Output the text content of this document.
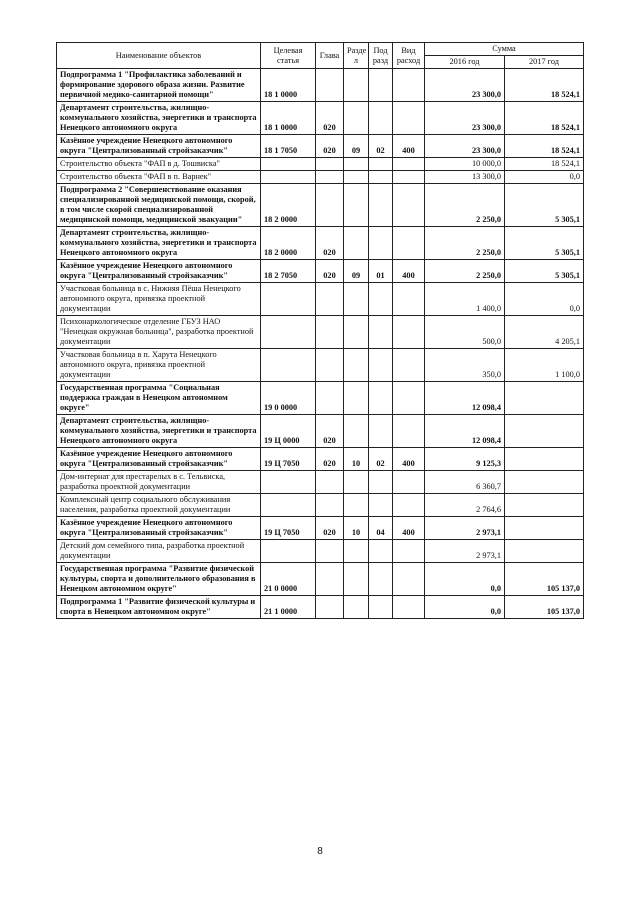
Наименование объектов	Целевая статья	Глава	Разде л	Под разд	Вид расход	Сумма	
						2016 год	2017 год
Подпрограмма 1 "Профилактика заболеваний и формирование здорового образа жизни. Развитие первичной медико-санитарной помощи"	18 1 0000					23 300,0	18 524,1
Департамент строительства, жилищно-коммунального хозяйства, энергетики и транспорта Ненецкого автономного округа	18 1 0000	020				23 300,0	18 524,1
Казённое учреждение Ненецкого автономного округа "Централизованный стройзаказчик"	18 1 7050	020	09	02	400	23 300,0	18 524,1
Строительство объекта "ФАП в д. Тошвиска"						10 000,0	18 524,1
Строительство объекта "ФАП в п. Варнек"						13 300,0	0,0
Подпрограмма 2 "Совершенствование оказания специализированной медицинской помощи, скорой, в том числе скорой специализированной медицинской помощи, медицинской эвакуации"	18 2 0000					2 250,0	5 305,1
Департамент строительства, жилищно-коммунального хозяйства, энергетики и транспорта Ненецкого автономного округа	18 2 0000	020				2 250,0	5 305,1
Казённое учреждение Ненецкого автономного округа "Централизованный стройзаказчик"	18 2 7050	020	09	01	400	2 250,0	5 305,1
Участковая больница в с. Нижняя Пёша Ненецкого автономного округа, привязка проектной документации						1 400,0	0,0
Психонаркологическое отделение ГБУЗ НАО "Ненецкая окружная больница", разработка проектной документации						500,0	4 205,1
Участковая больница в п. Харута Ненецкого автономного округа, привязка проектной документации						350,0	1 100,0
Государственная программа "Социальная поддержка граждан в Ненецком автономном округе"	19 0 0000					12 098,4	
Департамент строительства, жилищно-коммунального хозяйства, энергетики и транспорта Ненецкого автономного округа	19 Ц 0000	020				12 098,4	
Казённое учреждение Ненецкого автономного округа "Централизованный стройзаказчик"	19 Ц 7050	020	10	02	400	9 125,3	
Дом-интернат для престарелых в с. Тельвиска, разработка проектной документации						6 360,7	
Комплексный центр социального обслуживания населения, разработка проектной документации						2 764,6	
Казённое учреждение Ненецкого автономного округа "Централизованный стройзаказчик"	19 Ц 7050	020	10	04	400	2 973,1	
Детский дом семейного типа, разработка проектной документации						2 973,1	
Государственная программа "Развитие физической культуры, спорта и дополнительного образования в Ненецком автономном округе"	21 0 0000					0,0	105 137,0
Подпрограмма 1 "Развитие физической культуры и спорта в Ненецком автономном округе"	21 1 0000					0,0	105 137,0
8
